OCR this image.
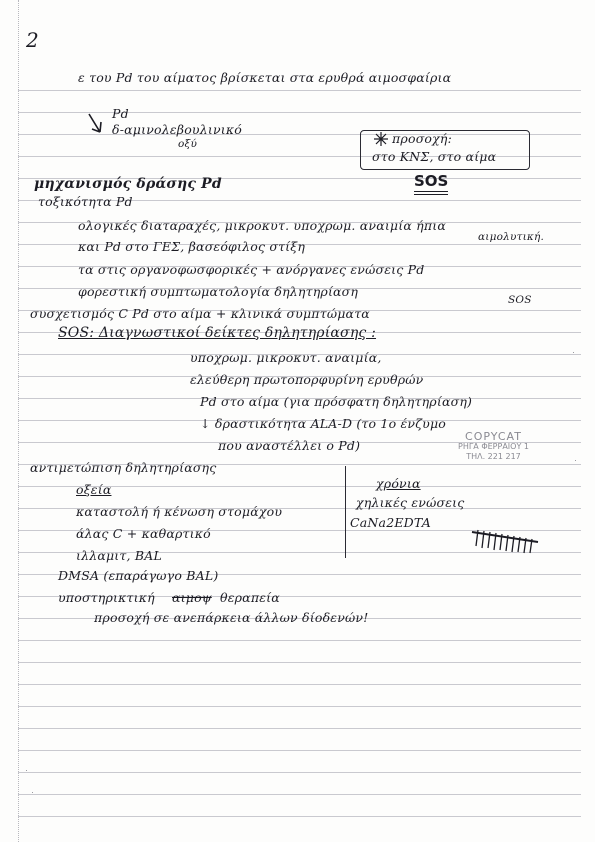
2
ε του Pd του αίματος βρίσκεται στα ερυθρά αιμοσφαίρια
Pd
δ-αμινολεβουλινικό
οξύ	προσοχή:
στο ΚΝΣ, στο αίμα
SOS
μηχανισμός δράσης Pd
τοξικότητα Pd
ολογικές διαταραχές, μικροκυτ. υποχρωμ. αναιμία ήπια
αιμολυτική.
και Pd στο ΓΕΣ, βασεόφιλος στίξη
τα στις οργανοφωσφορικές + ανόργανες ενώσεις Pd
φορεστική συμπτωματολογία δηλητηρίαση
συσχετισμός C Pd στο αίμα + κλινικά συμπτώματα
SOS
SOS: Διαγνωστικοί δείκτες δηλητηρίασης :
υποχρωμ. μικροκυτ. αναιμία,
ελεύθερη πρωτοπορφυρίνη ερυθρών
Pd στο αίμα (για πρόσφατη δηλητηρίαση)
↓ δραστικότητα ALA-D (το 1ο ένζυμο
που αναστέλλει ο Pd)
COPYCAT
ΡΗΓΑ ΦΕΡΡΑΙΟΥ 1
ΤΗΛ. 221 217
αντιμετώπιση δηλητηρίασης
οξεία	χρόνια
καταστολή ή κένωση στομάχου
χηλικές ενώσεις
άλας C + καθαρτικό
CaNa2EDTA
ιλλαμιτ, BAL
DMSA (επαράγωγο BAL)
υποστηρικτική αιμοψ θεραπεία
προσοχή σε ανεπάρκεια άλλων δίοδενών!
